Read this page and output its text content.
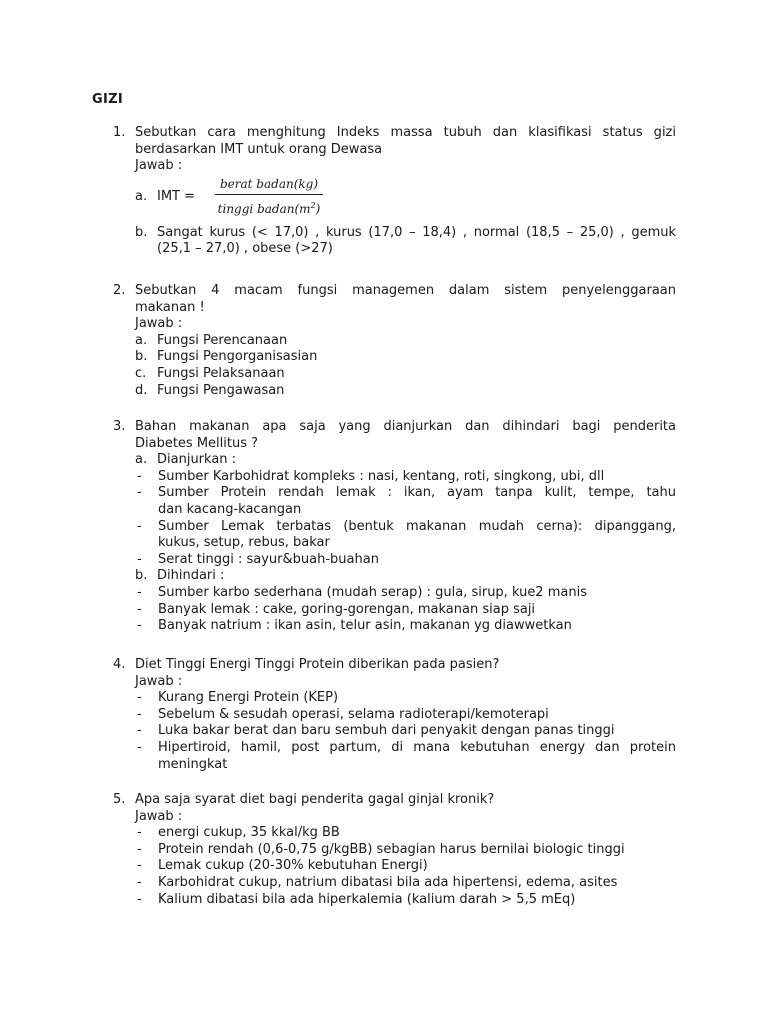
GIZI
1. Sebutkan cara menghitung Indeks massa tubuh dan klasifikasi status gizi
berdasarkan IMT untuk orang Dewasa
Jawab :
a. IMT =
berat badan(kg)
tinggi $badan(m^2)$
b. Sangat kurus (< 17,0) , kurus (17,0 – 18,4) , normal (18,5 – 25,0) , gemuk
(25,1 – 27,0) , obese (>27)
2. Sebutkan 4 macam fungsi managemen dalam sistem penyelenggaraan
makanan !
Jawab :
a. Fungsi Perencanaan
b. Fungsi Pengorganisasian
c. Fungsi Pelaksanaan
d. Fungsi Pengawasan
3. Bahan makanan apa saja yang dianjurkan dan dihindari bagi penderita
Diabetes Mellitus ?
a. Dianjurkan :
- Sumber Karbohidrat kompleks : nasi, kentang, roti, singkong, ubi, dll
- Sumber Protein rendah lemak : ikan, ayam tanpa kulit, tempe, tahu
dan kacang-kacangan
- Sumber Lemak terbatas (bentuk makanan mudah cerna): dipanggang,
kukus, setup, rebus, bakar
- Serat tinggi : sayur&buah-buahan
b. Dihindari :
- Sumber karbo sederhana (mudah serap) : gula, sirup, kue2 manis
- Banyak lemak : cake, goring-gorengan, makanan siap saji
- Banyak natrium : ikan asin, telur asin, makanan yg diawwetkan
4. Diet Tinggi Energi Tinggi Protein diberikan pada pasien?
Jawab :
- Kurang Energi Protein (KEP)
- Sebelum & sesudah operasi, selama radioterapi/kemoterapi
- Luka bakar berat dan baru sembuh dari penyakit dengan panas tinggi
- Hipertiroid, hamil, post partum, di mana kebutuhan energy dan protein
meningkat
5. Apa saja syarat diet bagi penderita gagal ginjal kronik?
Jawab :
- energi cukup, 35 kkal/kg BB
- Protein rendah (0,6-0,75 g/kgBB) sebagian harus bernilai biologic tinggi
- Lemak cukup (20-30% kebutuhan Energi)
- Karbohidrat cukup, natrium dibatasi bila ada hipertensi, edema, asites
- Kalium dibatasi bila ada hiperkalemia (kalium darah > 5,5 mEq)
